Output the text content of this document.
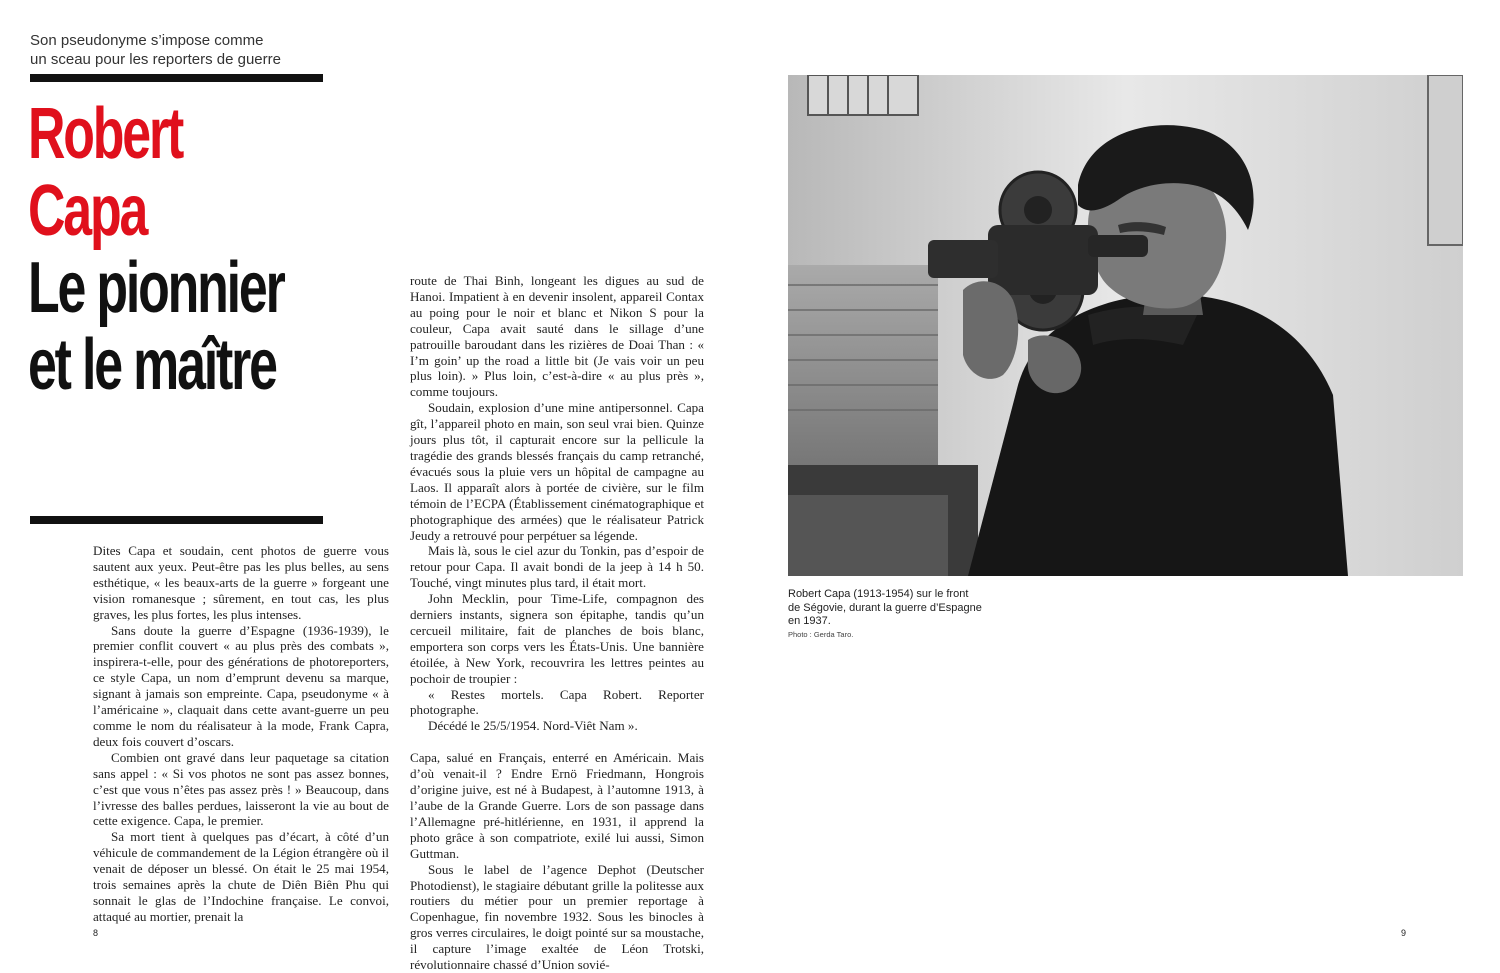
Son pseudonyme s’impose comme
un sceau pour les reporters de guerre
Robert
Capa
Le pionnier
et le maître

Dites Capa et soudain, cent photos de guerre vous sautent aux yeux. Peut-être pas les plus belles, au sens esthétique, « les beaux-arts de la guerre » forgeant une vision romanesque ; sûrement, en tout cas, les plus graves, les plus fortes, les plus intenses.

Sans doute la guerre d’Espagne (1936-1939), le premier conflit couvert « au plus près des combats », inspirera-t-elle, pour des générations de photoreporters, ce style Capa, un nom d’emprunt devenu sa marque, signant à jamais son empreinte. Capa, pseudonyme « à l’américaine », claquait dans cette avant-guerre un peu comme le nom du réalisateur à la mode, Frank Capra, deux fois couvert d’oscars.

Combien ont gravé dans leur paquetage sa citation sans appel : « Si vos photos ne sont pas assez bonnes, c’est que vous n’êtes pas assez près ! » Beaucoup, dans l’ivresse des balles perdues, laisseront la vie au bout de cette exigence. Capa, le premier.

Sa mort tient à quelques pas d’écart, à côté d’un véhicule de commandement de la Légion étrangère où il venait de déposer un blessé. On était le 25 mai 1954, trois semaines après la chute de Diên Biên Phu qui sonnait le glas de l’Indochine française. Le convoi, attaqué au mortier, prenait la

route de Thai Binh, longeant les digues au sud de Hanoi. Impatient à en devenir insolent, appareil Contax au poing pour le noir et blanc et Nikon S pour la couleur, Capa avait sauté dans le sillage d’une patrouille baroudant dans les rizières de Doai Than : « I’m goin’ up the road a little bit (Je vais voir un peu plus loin). » Plus loin, c’est-à-dire « au plus près », comme toujours.

Soudain, explosion d’une mine antipersonnel. Capa gît, l’appareil photo en main, son seul vrai bien. Quinze jours plus tôt, il capturait encore sur la pellicule la tragédie des grands blessés français du camp retranché, évacués sous la pluie vers un hôpital de campagne au Laos. Il apparaît alors à portée de civière, sur le film témoin de l’ECPA (Établissement cinématographique et photographique des armées) que le réalisateur Patrick Jeudy a retrouvé pour perpétuer sa légende.

Mais là, sous le ciel azur du Tonkin, pas d’espoir de retour pour Capa. Il avait bondi de la jeep à 14 h 50. Touché, vingt minutes plus tard, il était mort.

John Mecklin, pour Time-Life, compagnon des derniers instants, signera son épitaphe, tandis qu’un cercueil militaire, fait de planches de bois blanc, emportera son corps vers les États-Unis. Une bannière étoilée, à New York, recouvrira les lettres peintes au pochoir de troupier :

« Restes mortels. Capa Robert. Reporter photographe.

Décédé le 25/5/1954. Nord-Viêt Nam ».

Capa, salué en Français, enterré en Américain. Mais d’où venait-il ? Endre Ernö Friedmann, Hongrois d’origine juive, est né à Budapest, à l’automne 1913, à l’aube de la Grande Guerre. Lors de son passage dans l’Allemagne pré-hitlérienne, en 1931, il apprend la photo grâce à son compatriote, exilé lui aussi, Simon Guttman.

Sous le label de l’agence Dephot (Deutscher Photodienst), le stagiaire débutant grille la politesse aux routiers du métier pour un premier reportage à Copenhague, fin novembre 1932. Sous les binocles à gros verres circulaires, le doigt pointé sur sa moustache, il capture l’image exaltée de Léon Trotski, révolutionnaire chassé d’Union sovié-

Robert Capa (1913-1954) sur le front
de Ségovie, durant la guerre d’Espagne
en 1937.
Photo : Gerda Taro.
8	9
